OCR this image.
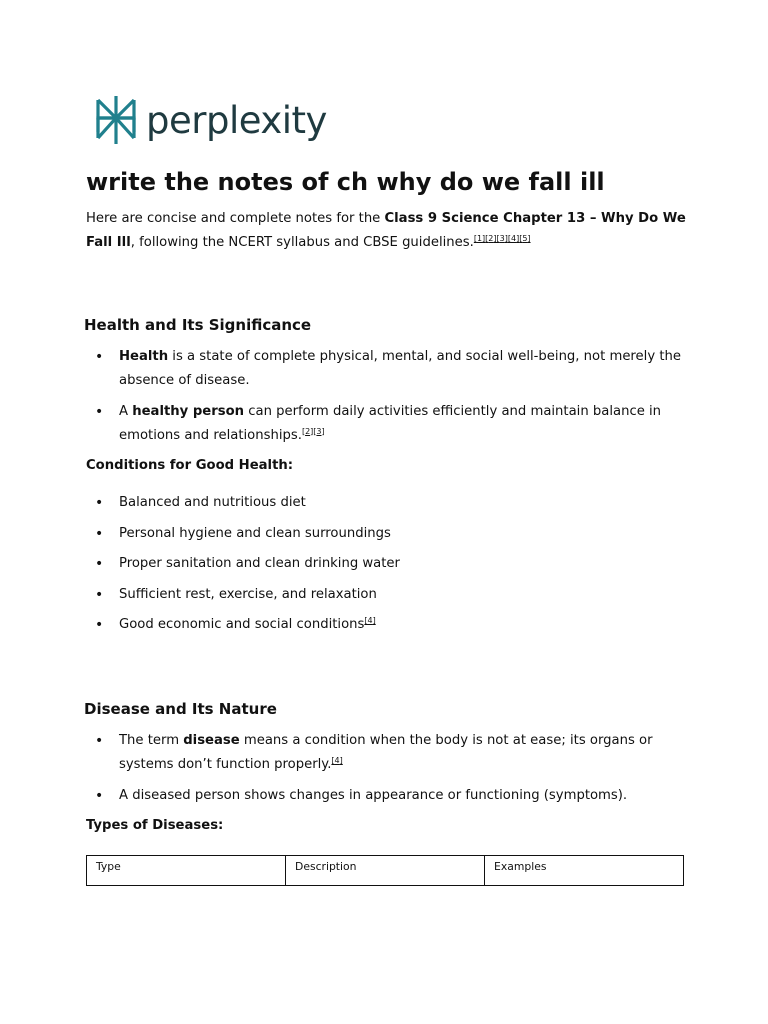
perplexity
write the notes of ch why do we fall ill

Here are concise and complete notes for the Class 9 Science Chapter 13 – Why Do We Fall Ill, following the NCERT syllabus and CBSE guidelines.[1][2][3][4][5]

Health and Its Significance
• Health is a state of complete physical, mental, and social well-being, not merely the absence of disease.
• A healthy person can perform daily activities efficiently and maintain balance in emotions and relationships.[2][3]
Conditions for Good Health:
• Balanced and nutritious diet
• Personal hygiene and clean surroundings
• Proper sanitation and clean drinking water
• Sufficient rest, exercise, and relaxation
• Good economic and social conditions[4]
Disease and Its Nature
• The term disease means a condition when the body is not at ease; its organs or systems don’t function properly.[4]
• A diseased person shows changes in appearance or functioning (symptoms).
Types of Diseases:
Type	Description	Examples
